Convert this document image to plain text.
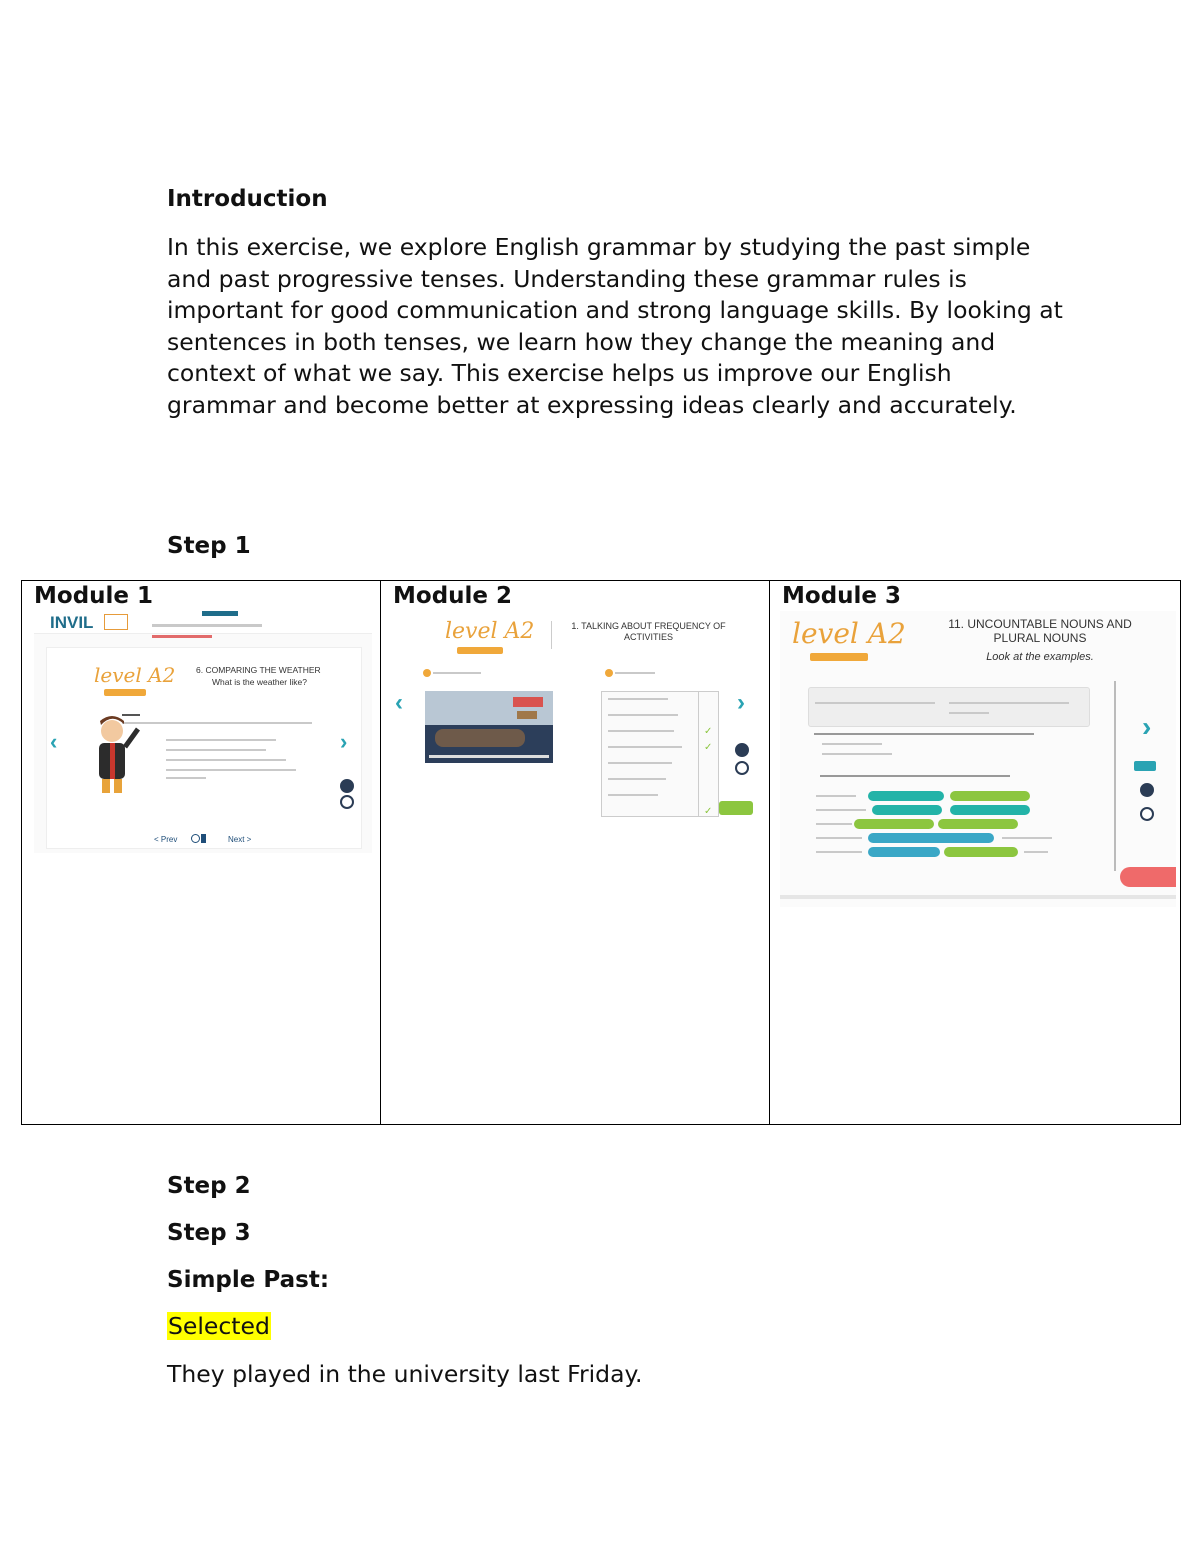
Introduction
In this exercise, we explore English grammar by studying the past simple and past progressive tenses. Understanding these grammar rules is important for good communication and strong language skills. By looking at sentences in both tenses, we learn how they change the meaning and context of what we say. This exercise helps us improve our English grammar and become better at expressing ideas clearly and accurately.
Step 1
Module 1
INVIL
level A2 6. COMPARING THE WEATHER
What is the weather like?
‹	›
< Prev	Next >

Module 2
level A2	1. TALKING ABOUT FREQUENCY OF ACTIVITIES
‹	›
✓
✓
✓

Module 3
level A2	11. UNCOUNTABLE NOUNS AND PLURAL NOUNS
Look at the examples.
›
Step 2
Step 3
Simple Past:
Selected
They played in the university last Friday.
